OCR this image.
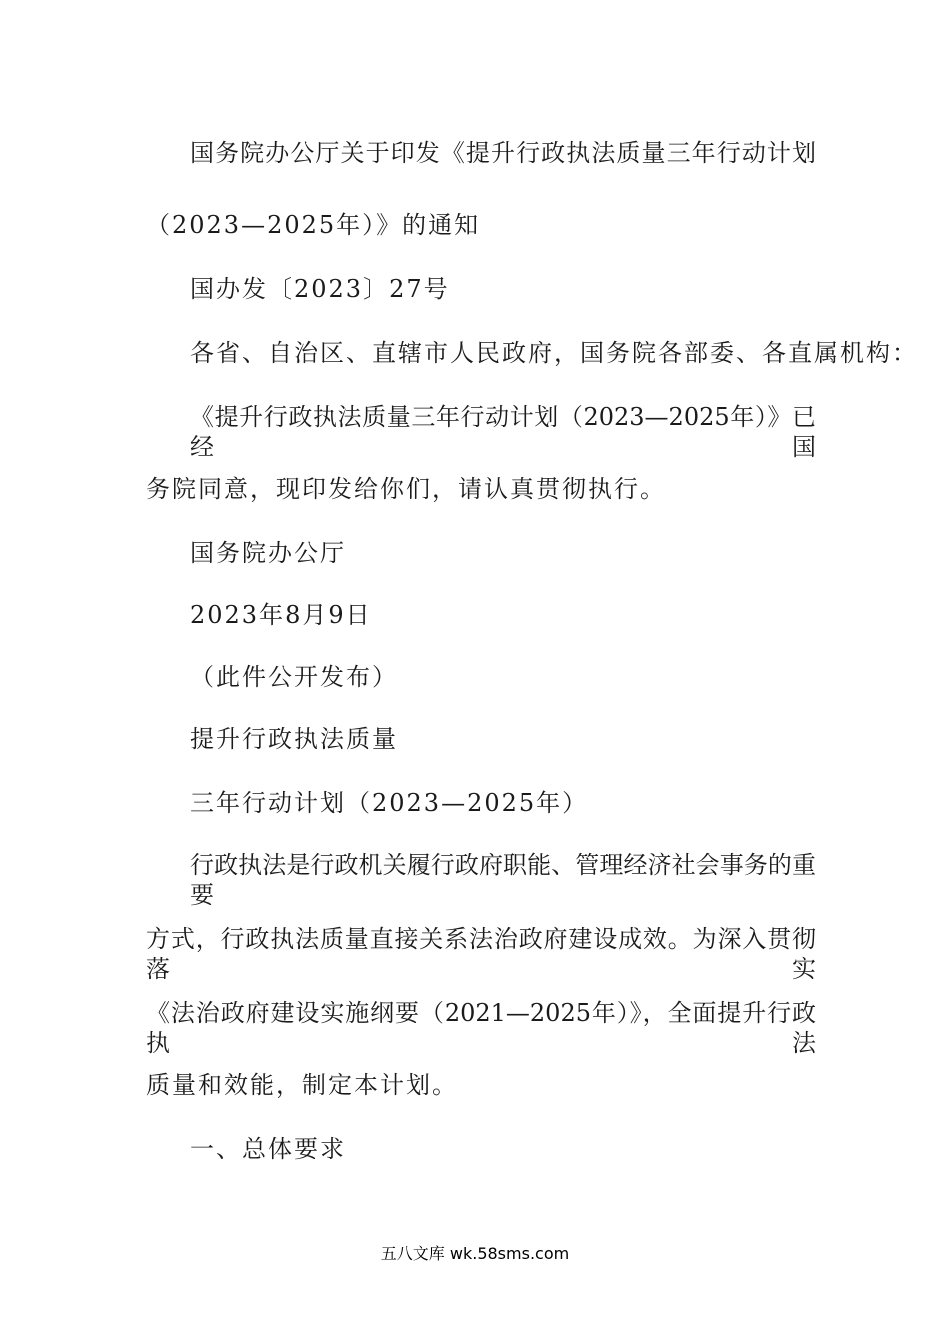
国务院办公厅关于印发《提升行政执法质量三年行动计划
（2023—2025年）》的通知
国办发〔2023〕27号
各省、自治区、直辖市人民政府，国务院各部委、各直属机构：
《提升行政执法质量三年行动计划（2023—2025年）》已经国
务院同意，现印发给你们，请认真贯彻执行。
国务院办公厅
2023年8月9日
（此件公开发布）
提升行政执法质量
三年行动计划（2023—2025年）
行政执法是行政机关履行政府职能、管理经济社会事务的重要
方式，行政执法质量直接关系法治政府建设成效。为深入贯彻落实
《法治政府建设实施纲要（2021—2025年）》，全面提升行政执法
质量和效能，制定本计划。
一、总体要求
五八文库 wk.58sms.com
